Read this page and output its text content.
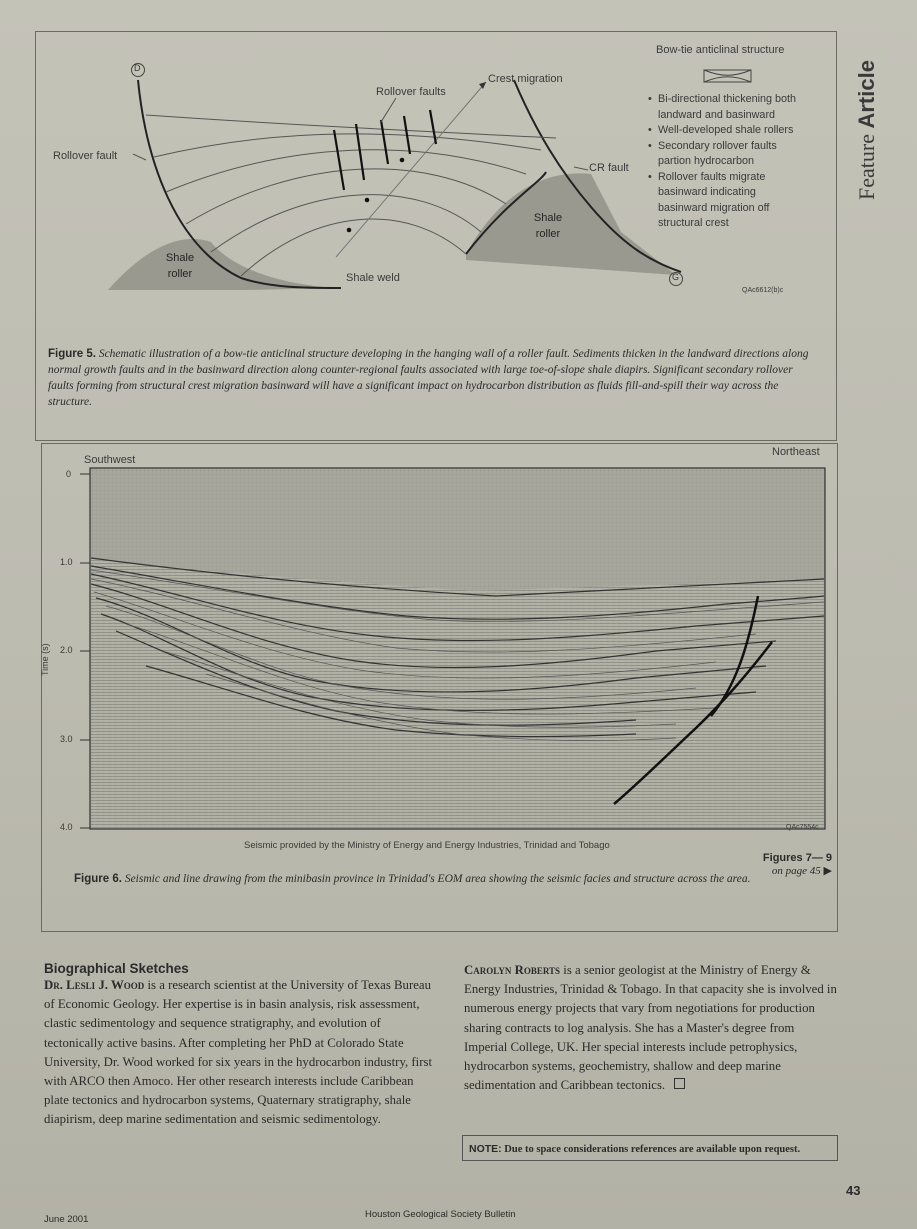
Feature Article
D
G
Rollover faults
Crest migration
Rollover fault
CR fault
Shale roller
Shale roller
Shale weld
QAc6612(b)c
Bow-tie anticlinal structure
• Bi-directional thickening both landward and basinward
• Well-developed shale rollers
• Secondary rollover faults partion hydrocarbon
• Rollover faults migrate basinward indicating basinward migration off structural crest
Figure 5. Schematic illustration of a bow-tie anticlinal structure developing in the hanging wall of a roller fault. Sediments thicken in the landward directions along normal growth faults and in the basinward direction along counter-regional faults associated with large toe-of-slope shale diapirs. Significant secondary rollover faults forming from structural crest migration basinward will have a significant impact on hydrocarbon distribution as fluids fill-and-spill their way across the structure.
Southwest
Northeast
Time (s)
0
1.0
2.0
3.0
4.0
Seismic provided by the Ministry of Energy and Energy Industries, Trinidad and Tobago
QAc7554c
Figure 6. Seismic and line drawing from the minibasin province in Trinidad's EOM area showing the seismic facies and structure across the area.
Figures 7— 9
on page 45 ▶
Biographical Sketches
Dr. Lesli J. Wood is a research scientist at the University of Texas Bureau of Economic Geology. Her expertise is in basin analysis, risk assessment, clastic sedimentology and sequence stratigraphy, and evolution of tectonically active basins. After completing her PhD at Colorado State University, Dr. Wood worked for six years in the hydrocarbon industry, first with ARCO then Amoco. Her other research interests include Caribbean plate tectonics and hydrocarbon systems, Quaternary stratigraphy, shale diapirism, deep marine sedimentation and seismic sedimentology.
Carolyn Roberts is a senior geologist at the Ministry of Energy & Energy Industries, Trinidad & Tobago. In that capacity she is involved in numerous energy projects that vary from negotiations for production sharing contracts to log analysis. She has a Master's degree from Imperial College, UK. Her special interests include petrophysics, hydrocarbon systems, geochemistry, shallow and deep marine sedimentation and Caribbean tectonics.
NOTE: Due to space considerations references are available upon request.
June 2001	Houston Geological Society Bulletin
43
